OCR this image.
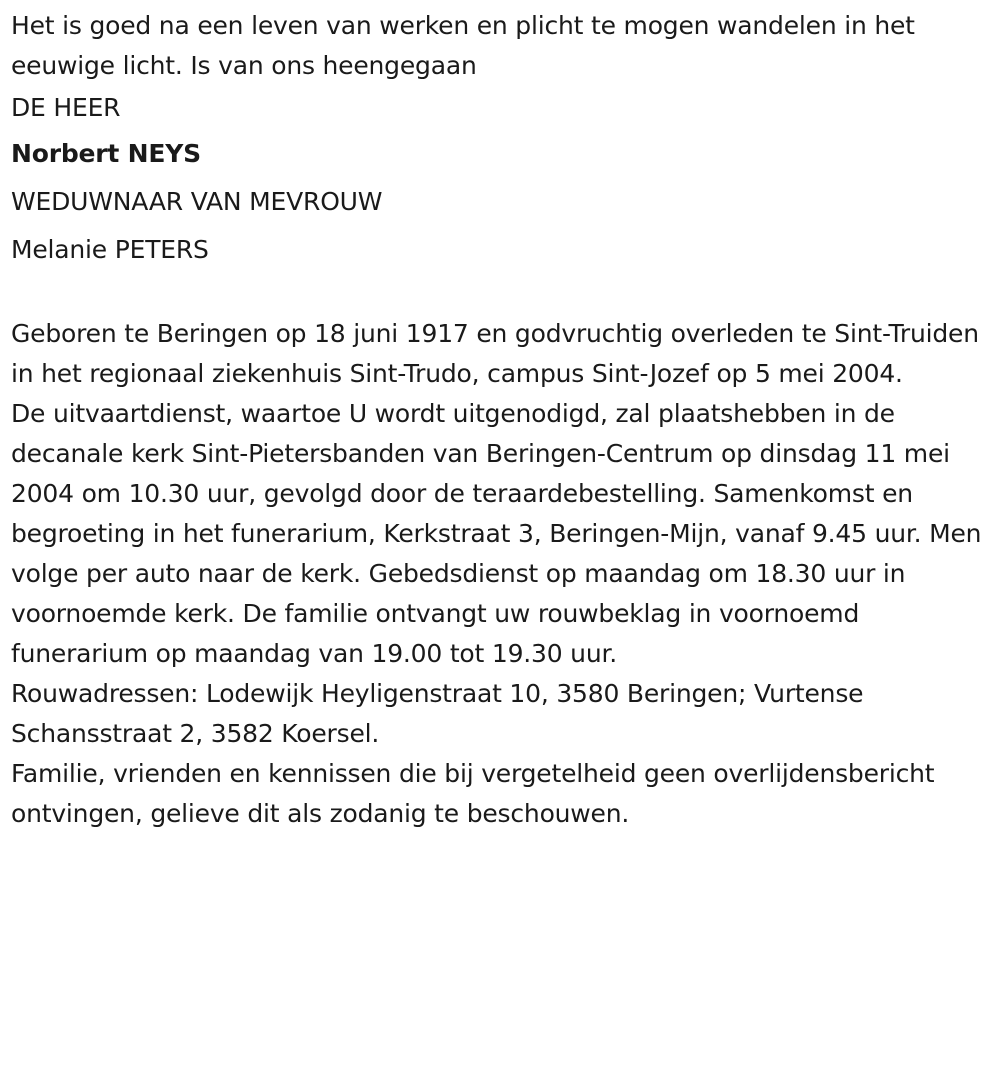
Het is goed na een leven van werken en plicht te mogen wandelen in het eeuwige licht. Is van ons heengegaan

DE HEER

Norbert NEYS

WEDUWNAAR VAN MEVROUW

Melanie PETERS

Geboren te Beringen op 18 juni 1917 en godvruchtig overleden te Sint-Truiden in het regionaal ziekenhuis Sint-Trudo, campus Sint-Jozef op 5 mei 2004.

De uitvaartdienst, waartoe U wordt uitgenodigd, zal plaatshebben in de decanale kerk Sint-Pietersbanden van Beringen-Centrum op dinsdag 11 mei 2004 om 10.30 uur, gevolgd door de teraardebestelling. Samenkomst en begroeting in het funerarium, Kerkstraat 3, Beringen-Mijn, vanaf 9.45 uur. Men volge per auto naar de kerk. Gebedsdienst op maandag om 18.30 uur in voornoemde kerk. De familie ontvangt uw rouwbeklag in voornoemd funerarium op maandag van 19.00 tot 19.30 uur.

Rouwadressen: Lodewijk Heyligenstraat 10, 3580 Beringen; Vurtense Schansstraat 2, 3582 Koersel.

Familie, vrienden en kennissen die bij vergetelheid geen overlijdensbericht ontvingen, gelieve dit als zodanig te beschouwen.
